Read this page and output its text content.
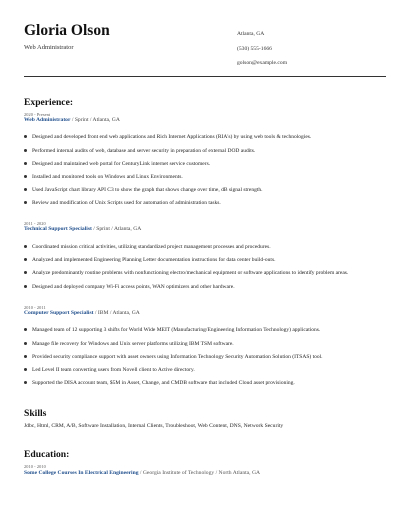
Gloria Olson
Web Administrator
Atlanta, GA
(530) 555-1666
golson@example.com
Experience:
2020 - Present
Web Administrator / Sprint / Atlanta, GA
Designed and developed front end web applications and Rich Internet Applications (RIA's) by using web tools & technologies.
Performed internal audits of web, database and server security in preparation of external DOD audits.
Designed and maintained web portal for CenturyLink internet service customers.
Installed and monitored tools on Windows and Linux Environments.
Used JavaScript chart library API C3 to show the graph that shows change over time, dB signal strength.
Review and modification of Unix Scripts used for automation of administration tasks.
2011 - 2020
Technical Support Specialist / Sprint / Atlanta, GA
Coordinated mission critical activities, utilizing standardized project management processes and procedures.
Analyzed and implemented Engineering Planning Letter documentation instructions for data center build-outs.
Analyze predominantly routine problems with nonfunctioning electro/mechanical equipment or software applications to identify problem areas.
Designed and deployed company Wi-Fi access points, WAN optimizers and other hardware.
2010 - 2011
Computer Support Specialist / IBM / Atlanta, GA
Managed team of 12 supporting 3 shifts for World Wide MEIT (Manufacturing/Engineering Information Technology) applications.
Manage file recovery for Windows and Unix server platforms utilizing IBM TSM software.
Provided security compliance support with asset owners using Information Technology Security Automation Solution (ITSAS) tool.
Led Level II team converting users from Novell client to Active directory.
Supported the DISA account team, $5M in Asset, Change, and CMDB software that included Cloud asset provisioning.
Skills
Jdbc, Html, CRM, A/B, Software Installation, Internal Clients, Troubleshoot, Web Content, DNS, Network Security
Education:
2010 - 2010
Some College Courses In Electrical Engineering / Georgia Institute of Technology / North Atlanta, GA
